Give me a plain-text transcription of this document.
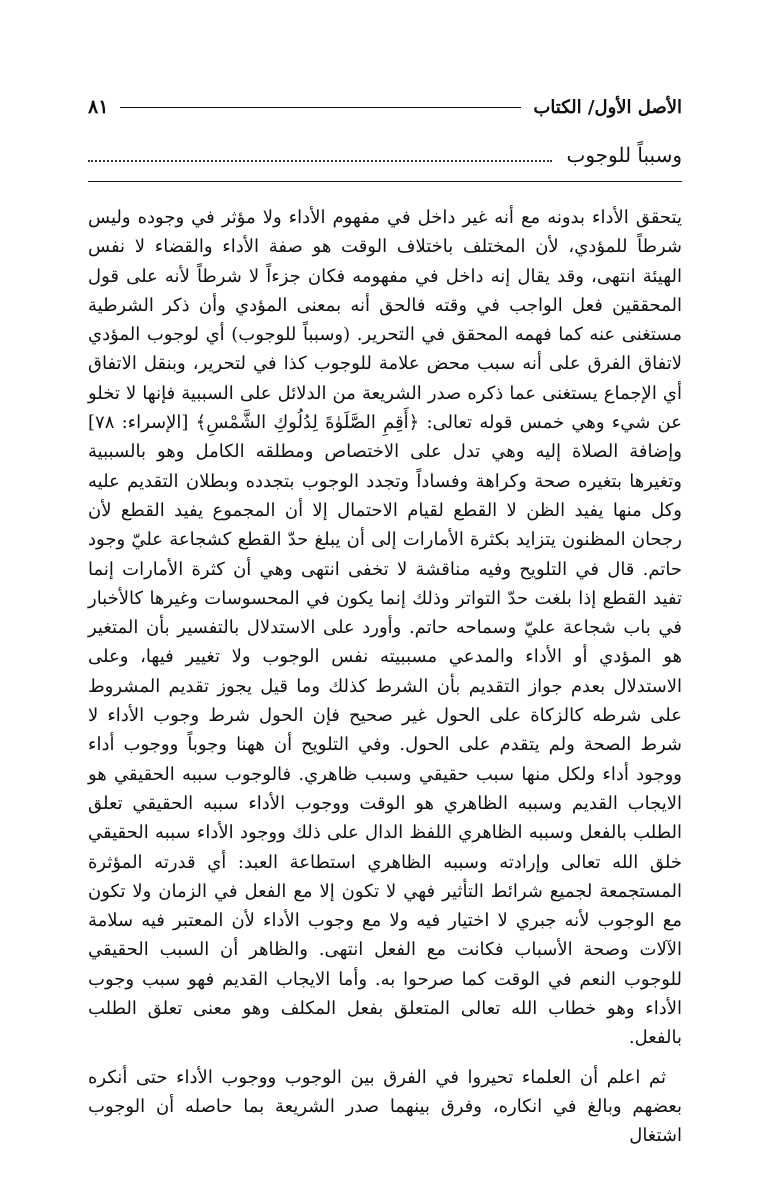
الأصل الأول/ الكتاب
٨١
وسبباً للوجوب

يتحقق الأداء بدونه مع أنه غير داخل في مفهوم الأداء ولا مؤثر في وجوده وليس شرطاً للمؤدي، لأن المختلف باختلاف الوقت هو صفة الأداء والقضاء لا نفس الهيئة انتهى، وقد يقال إنه داخل في مفهومه فكان جزءاً لا شرطاً لأنه على قول المحققين فعل الواجب في وقته فالحق أنه بمعنى المؤدي وأن ذكر الشرطية مستغنى عنه كما فهمه المحقق في التحرير. (وسبباً للوجوب) أي لوجوب المؤدي لاتفاق الفرق على أنه سبب محض علامة للوجوب كذا في لتحرير، وبنقل الاتفاق أي الإجماع يستغنى عما ذكره صدر الشريعة من الدلائل على السببية فإنها لا تخلو عن شيء وهي خمس قوله تعالى: ﴿أَقِمِ الصَّلَوٰةَ لِدُلُوكِ الشَّمْسِ﴾ [الإسراء: ٧٨] وإضافة الصلاة إليه وهي تدل على الاختصاص ومطلقه الكامل وهو بالسببية وتغيرها بتغيره صحة وكراهة وفساداً وتجدد الوجوب بتجدده وبطلان التقديم عليه وكل منها يفيد الظن لا القطع لقيام الاحتمال إلا أن المجموع يفيد القطع لأن رجحان المظنون يتزايد بكثرة الأمارات إلى أن يبلغ حدّ القطع كشجاعة عليّ وجود حاتم. قال في التلويح وفيه مناقشة لا تخفى انتهى وهي أن كثرة الأمارات إنما تفيد القطع إذا بلغت حدّ التواتر وذلك إنما يكون في المحسوسات وغيرها كالأخبار في باب شجاعة عليّ وسماحه حاتم. وأورد على الاستدلال بالتفسير بأن المتغير هو المؤدي أو الأداء والمدعي مسببيته نفس الوجوب ولا تغيير فيها، وعلى الاستدلال بعدم جواز التقديم بأن الشرط كذلك وما قيل يجوز تقديم المشروط على شرطه كالزكاة على الحول غير صحيح فإن الحول شرط وجوب الأداء لا شرط الصحة ولم يتقدم على الحول. وفي التلويح أن ههنا وجوباً ووجوب أداء ووجود أداء ولكل منها سبب حقيقي وسبب ظاهري. فالوجوب سببه الحقيقي هو الايجاب القديم وسببه الظاهري هو الوقت ووجوب الأداء سببه الحقيقي تعلق الطلب بالفعل وسببه الظاهري اللفظ الدال على ذلك ووجود الأداء سببه الحقيقي خلق الله تعالى وإرادته وسببه الظاهري استطاعة العبد: أي قدرته المؤثرة المستجمعة لجميع شرائط التأثير فهي لا تكون إلا مع الفعل في الزمان ولا تكون مع الوجوب لأنه جبري لا اختيار فيه ولا مع وجوب الأداء لأن المعتبر فيه سلامة الآلات وصحة الأسباب فكانت مع الفعل انتهى. والظاهر أن السبب الحقيقي للوجوب النعم في الوقت كما صرحوا به. وأما الايجاب القديم فهو سبب وجوب الأداء وهو خطاب الله تعالى المتعلق بفعل المكلف وهو معنى تعلق الطلب بالفعل.

ثم اعلم أن العلماء تحيروا في الفرق بين الوجوب ووجوب الأداء حتى أنكره بعضهم وبالغ في انكاره، وفرق بينهما صدر الشريعة بما حاصله أن الوجوب اشتغال
